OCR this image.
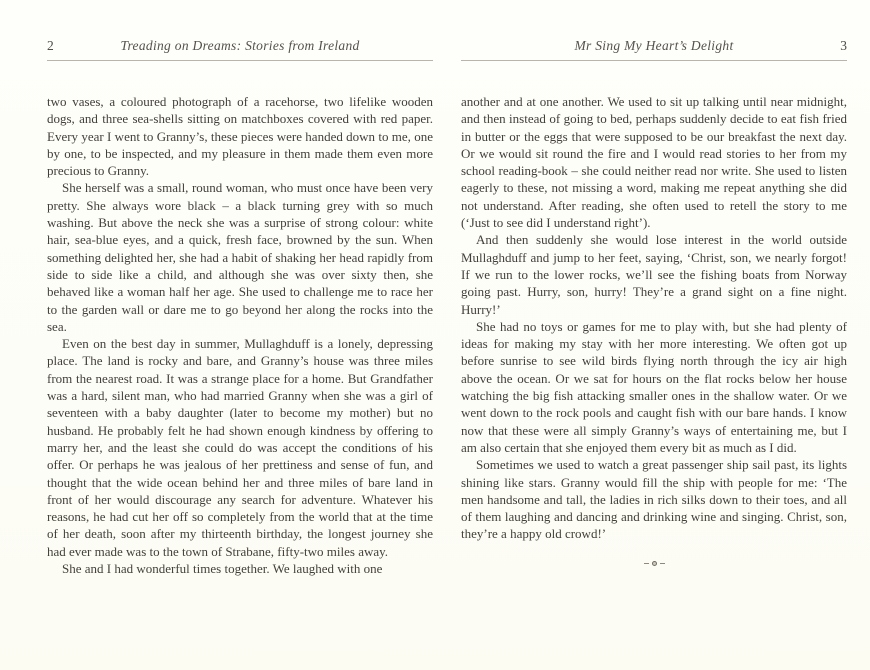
2	Treading on Dreams: Stories from Ireland

two vases, a coloured photograph of a racehorse, two lifelike wooden dogs, and three sea-shells sitting on matchboxes covered with red paper. Every year I went to Granny’s, these pieces were handed down to me, one by one, to be inspected, and my pleasure in them made them even more precious to Granny.

She herself was a small, round woman, who must once have been very pretty. She always wore black – a black turning grey with so much washing. But above the neck she was a surprise of strong colour: white hair, sea-blue eyes, and a quick, fresh face, browned by the sun. When something delighted her, she had a habit of shaking her head rapidly from side to side like a child, and although she was over sixty then, she behaved like a woman half her age. She used to challenge me to race her to the garden wall or dare me to go beyond her along the rocks into the sea.

Even on the best day in summer, Mullaghduff is a lonely, depressing place. The land is rocky and bare, and Granny’s house was three miles from the nearest road. It was a strange place for a home. But Grandfather was a hard, silent man, who had married Granny when she was a girl of seventeen with a baby daughter (later to become my mother) but no husband. He probably felt he had shown enough kindness by offering to marry her, and the least she could do was accept the conditions of his offer. Or perhaps he was jealous of her prettiness and sense of fun, and thought that the wide ocean behind her and three miles of bare land in front of her would discourage any search for adventure. Whatever his reasons, he had cut her off so completely from the world that at the time of her death, soon after my thirteenth birthday, the longest journey she had ever made was to the town of Strabane, fifty-two miles away.

She and I had wonderful times together. We laughed with one

Mr Sing My Heart’s Delight	3

another and at one another. We used to sit up talking until near midnight, and then instead of going to bed, perhaps suddenly decide to eat fish fried in butter or the eggs that were supposed to be our breakfast the next day. Or we would sit round the fire and I would read stories to her from my school reading-book – she could neither read nor write. She used to listen eagerly to these, not missing a word, making me repeat anything she did not understand. After reading, she often used to retell the story to me (‘Just to see did I understand right’).

And then suddenly she would lose interest in the world outside Mullaghduff and jump to her feet, saying, ‘Christ, son, we nearly forgot! If we run to the lower rocks, we’ll see the fishing boats from Norway going past. Hurry, son, hurry! They’re a grand sight on a fine night. Hurry!’

She had no toys or games for me to play with, but she had plenty of ideas for making my stay with her more interesting. We often got up before sunrise to see wild birds flying north through the icy air high above the ocean. Or we sat for hours on the flat rocks below her house watching the big fish attacking smaller ones in the shallow water. Or we went down to the rock pools and caught fish with our bare hands. I know now that these were all simply Granny’s ways of entertaining me, but I am also certain that she enjoyed them every bit as much as I did.

Sometimes we used to watch a great passenger ship sail past, its lights shining like stars. Granny would fill the ship with people for me: ‘The men handsome and tall, the ladies in rich silks down to their toes, and all of them laughing and dancing and drinking wine and singing. Christ, son, they’re a happy old crowd!’
